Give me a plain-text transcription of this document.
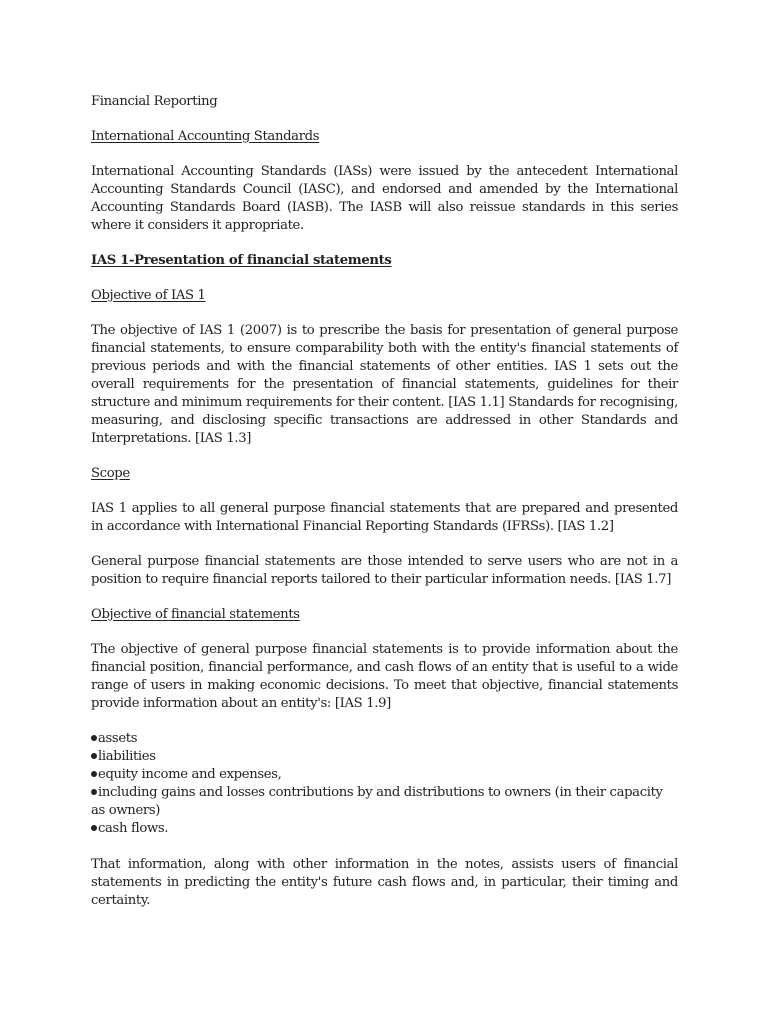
Financial Reporting

International Accounting Standards

International Accounting Standards (IASs) were issued by the antecedent International Accounting Standards Council (IASC), and endorsed and amended by the International Accounting Standards Board (IASB). The IASB will also reissue standards in this series where it considers it appropriate.

IAS 1-Presentation of financial statements

Objective of IAS 1

The objective of IAS 1 (2007) is to prescribe the basis for presentation of general purpose financial statements, to ensure comparability both with the entity's financial statements of previous periods and with the financial statements of other entities. IAS 1 sets out the overall requirements for the presentation of financial statements, guidelines for their structure and minimum requirements for their content. [IAS 1.1] Standards for recognising, measuring, and disclosing specific transactions are addressed in other Standards and Interpretations. [IAS 1.3]

Scope

IAS 1 applies to all general purpose financial statements that are prepared and presented in accordance with International Financial Reporting Standards (IFRSs). [IAS 1.2]

General purpose financial statements are those intended to serve users who are not in a position to require financial reports tailored to their particular information needs. [IAS 1.7]

Objective of financial statements

The objective of general purpose financial statements is to provide information about the financial position, financial performance, and cash flows of an entity that is useful to a wide range of users in making economic decisions. To meet that objective, financial statements provide information about an entity's: [IAS 1.9]

assets
liabilities
equity income and expenses,
including gains and losses contributions by and distributions to owners (in their capacity as owners)
cash flows.

That information, along with other information in the notes, assists users of financial statements in predicting the entity's future cash flows and, in particular, their timing and certainty.
